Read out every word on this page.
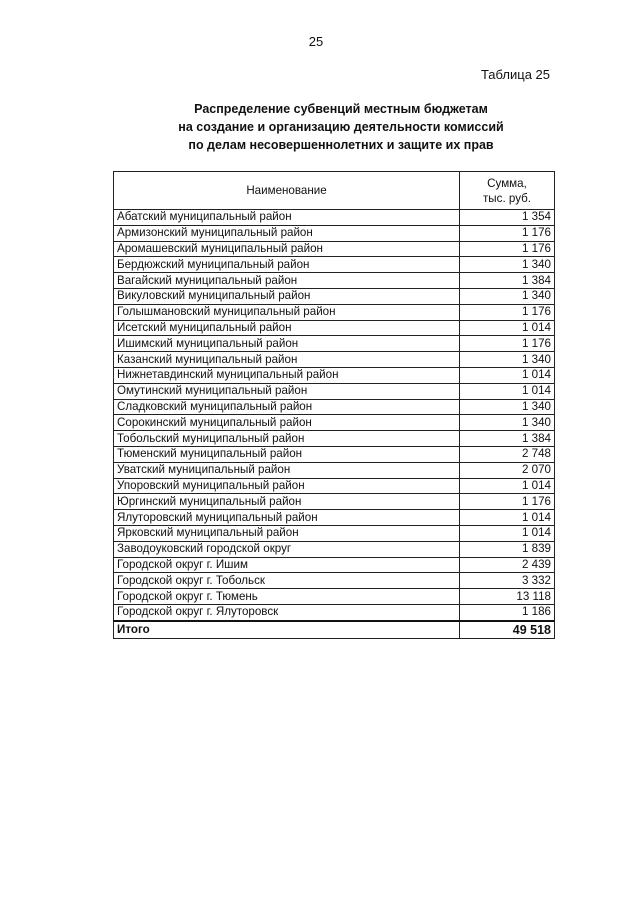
25
Таблица 25
Распределение субвенций местным бюджетам
на создание и организацию деятельности комиссий
по делам несовершеннолетних и защите их прав
Наименование	Сумма,
тыс. руб.

Абатский муниципальный район	1 354
Армизонский муниципальный район	1 176
Аромашевский муниципальный район	1 176
Бердюжский муниципальный район	1 340
Вагайский муниципальный район	1 384
Викуловский муниципальный район	1 340
Голышмановский муниципальный район	1 176
Исетский муниципальный район	1 014
Ишимский муниципальный район	1 176
Казанский муниципальный район	1 340
Нижнетавдинский муниципальный район	1 014
Омутинский муниципальный район	1 014
Сладковский муниципальный район	1 340
Сорокинский муниципальный район	1 340
Тобольский муниципальный район	1 384
Тюменский муниципальный район	2 748
Уватский муниципальный район	2 070
Упоровский муниципальный район	1 014
Юргинский муниципальный район	1 176
Ялуторовский муниципальный район	1 014
Ярковский муниципальный район	1 014
Заводоуковский городской округ	1 839
Городской округ г. Ишим	2 439
Городской округ г. Тобольск	3 332
Городской округ г. Тюмень	13 118
Городской округ г. Ялуторовск	1 186
Итого	49 518
